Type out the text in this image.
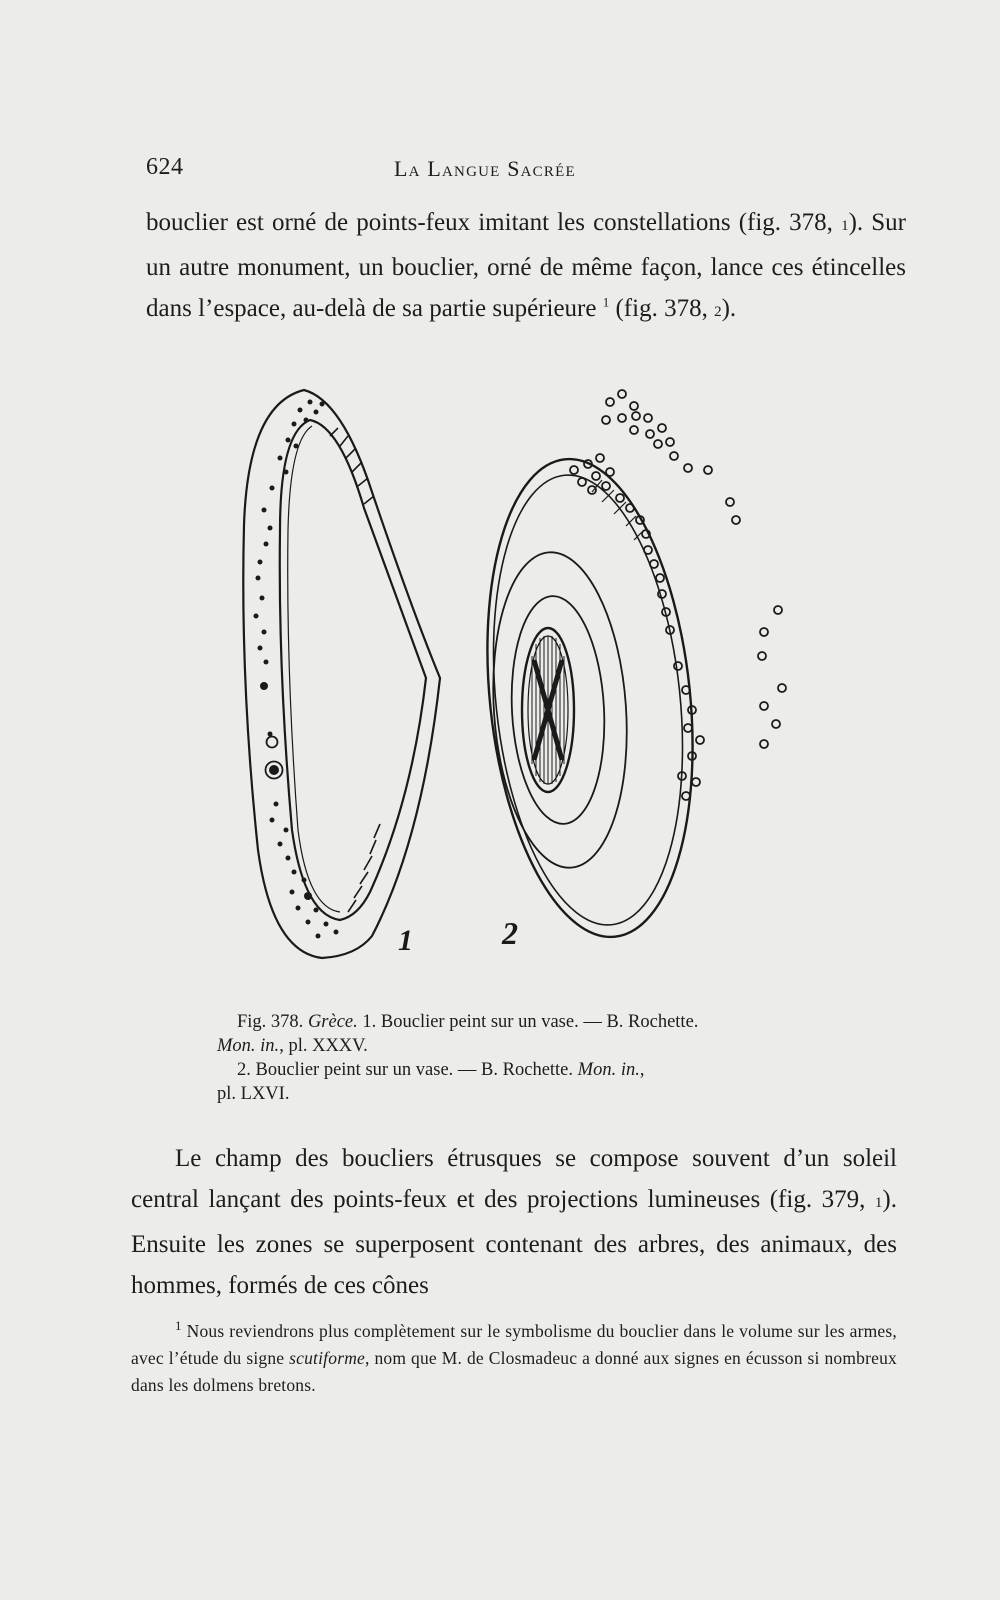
624	La Langue Sacrée
bouclier est orné de points-feux imitant les constellations (fig. 378, 1). Sur un autre monument, un bouclier, orné de même façon, lance ces étincelles dans l’espace, au-delà de sa partie supérieure $^1$ (fig. 378, 2).
1	2
Fig. 378. Grèce. 1. Bouclier peint sur un vase. — B. Rochette.
Mon. in., pl. XXXV.
2. Bouclier peint sur un vase. — B. Rochette. Mon. in.,
pl. LXVI.
Le champ des boucliers étrusques se compose souvent d’un soleil central lançant des points-feux et des projections lumineuses (fig. 379, 1). Ensuite les zones se superposent contenant des arbres, des animaux, des hommes, formés de ces cônes
$^1$ Nous reviendrons plus complètement sur le symbolisme du bouclier dans le volume sur les armes, avec l’étude du signe scutiforme, nom que M. de Closmadeuc a donné aux signes en écusson si nombreux dans les dolmens bretons.
